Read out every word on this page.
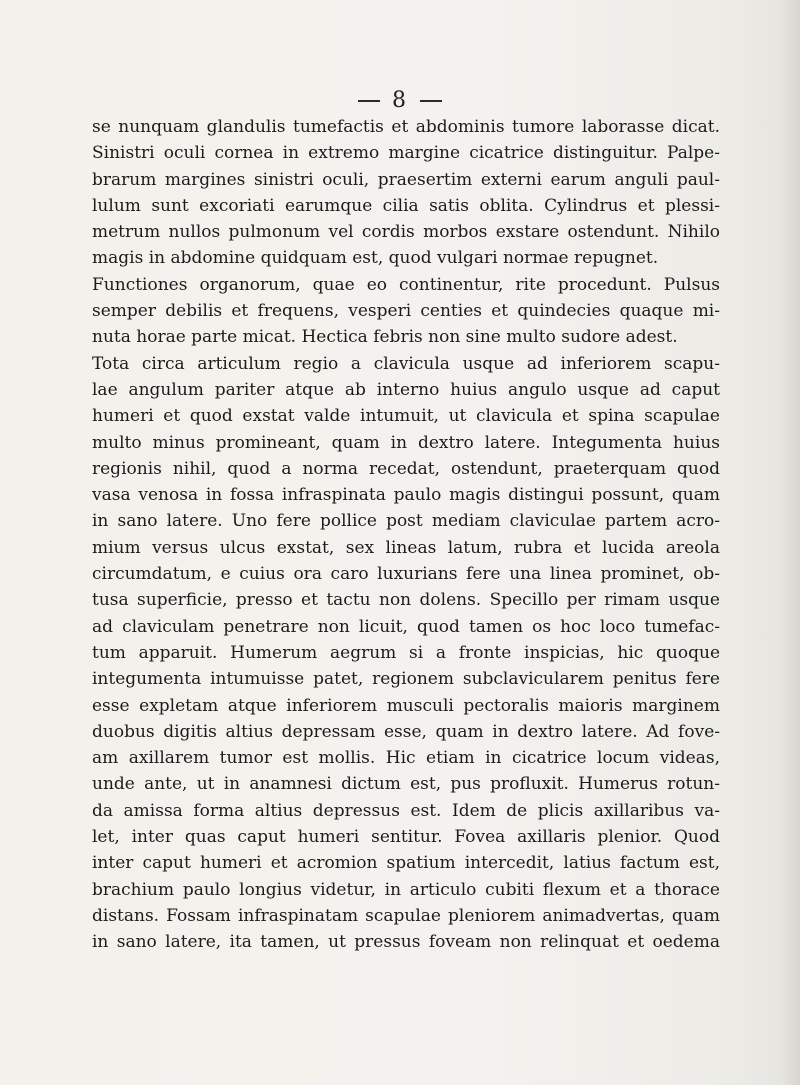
8
se nunquam glandulis tumefactis et abdominis tumore laborasse dicat.
Sinistri oculi cornea in extremo margine cicatrice distinguitur. Palpe-
brarum margines sinistri oculi, praesertim externi earum anguli paul-
lulum sunt excoriati earumque cilia satis oblita. Cylindrus et plessi-
metrum nullos pulmonum vel cordis morbos exstare ostendunt. Nihilo
magis in abdomine quidquam est, quod vulgari normae repugnet.
Functiones organorum, quae eo continentur, rite procedunt. Pulsus
semper debilis et frequens, vesperi centies et quindecies quaque mi-
nuta horae parte micat. Hectica febris non sine multo sudore adest.
Tota circa articulum regio a clavicula usque ad inferiorem scapu-
lae angulum pariter atque ab interno huius angulo usque ad caput
humeri et quod exstat valde intumuit, ut clavicula et spina scapulae
multo minus promineant, quam in dextro latere. Integumenta huius
regionis nihil, quod a norma recedat, ostendunt, praeterquam quod
vasa venosa in fossa infraspinata paulo magis distingui possunt, quam
in sano latere. Uno fere pollice post mediam claviculae partem acro-
mium versus ulcus exstat, sex lineas latum, rubra et lucida areola
circumdatum, e cuius ora caro luxurians fere una linea prominet, ob-
tusa superficie, presso et tactu non dolens. Specillo per rimam usque
ad claviculam penetrare non licuit, quod tamen os hoc loco tumefac-
tum apparuit. Humerum aegrum si a fronte inspicias, hic quoque
integumenta intumuisse patet, regionem subclavicularem penitus fere
esse expletam atque inferiorem musculi pectoralis maioris marginem
duobus digitis altius depressam esse, quam in dextro latere. Ad fove-
am axillarem tumor est mollis. Hic etiam in cicatrice locum videas,
unde ante, ut in anamnesi dictum est, pus profluxit. Humerus rotun-
da amissa forma altius depressus est. Idem de plicis axillaribus va-
let, inter quas caput humeri sentitur. Fovea axillaris plenior. Quod
inter caput humeri et acromion spatium intercedit, latius factum est,
brachium paulo longius videtur, in articulo cubiti flexum et a thorace
distans. Fossam infraspinatam scapulae pleniorem animadvertas, quam
in sano latere, ita tamen, ut pressus foveam non relinquat et oedema
